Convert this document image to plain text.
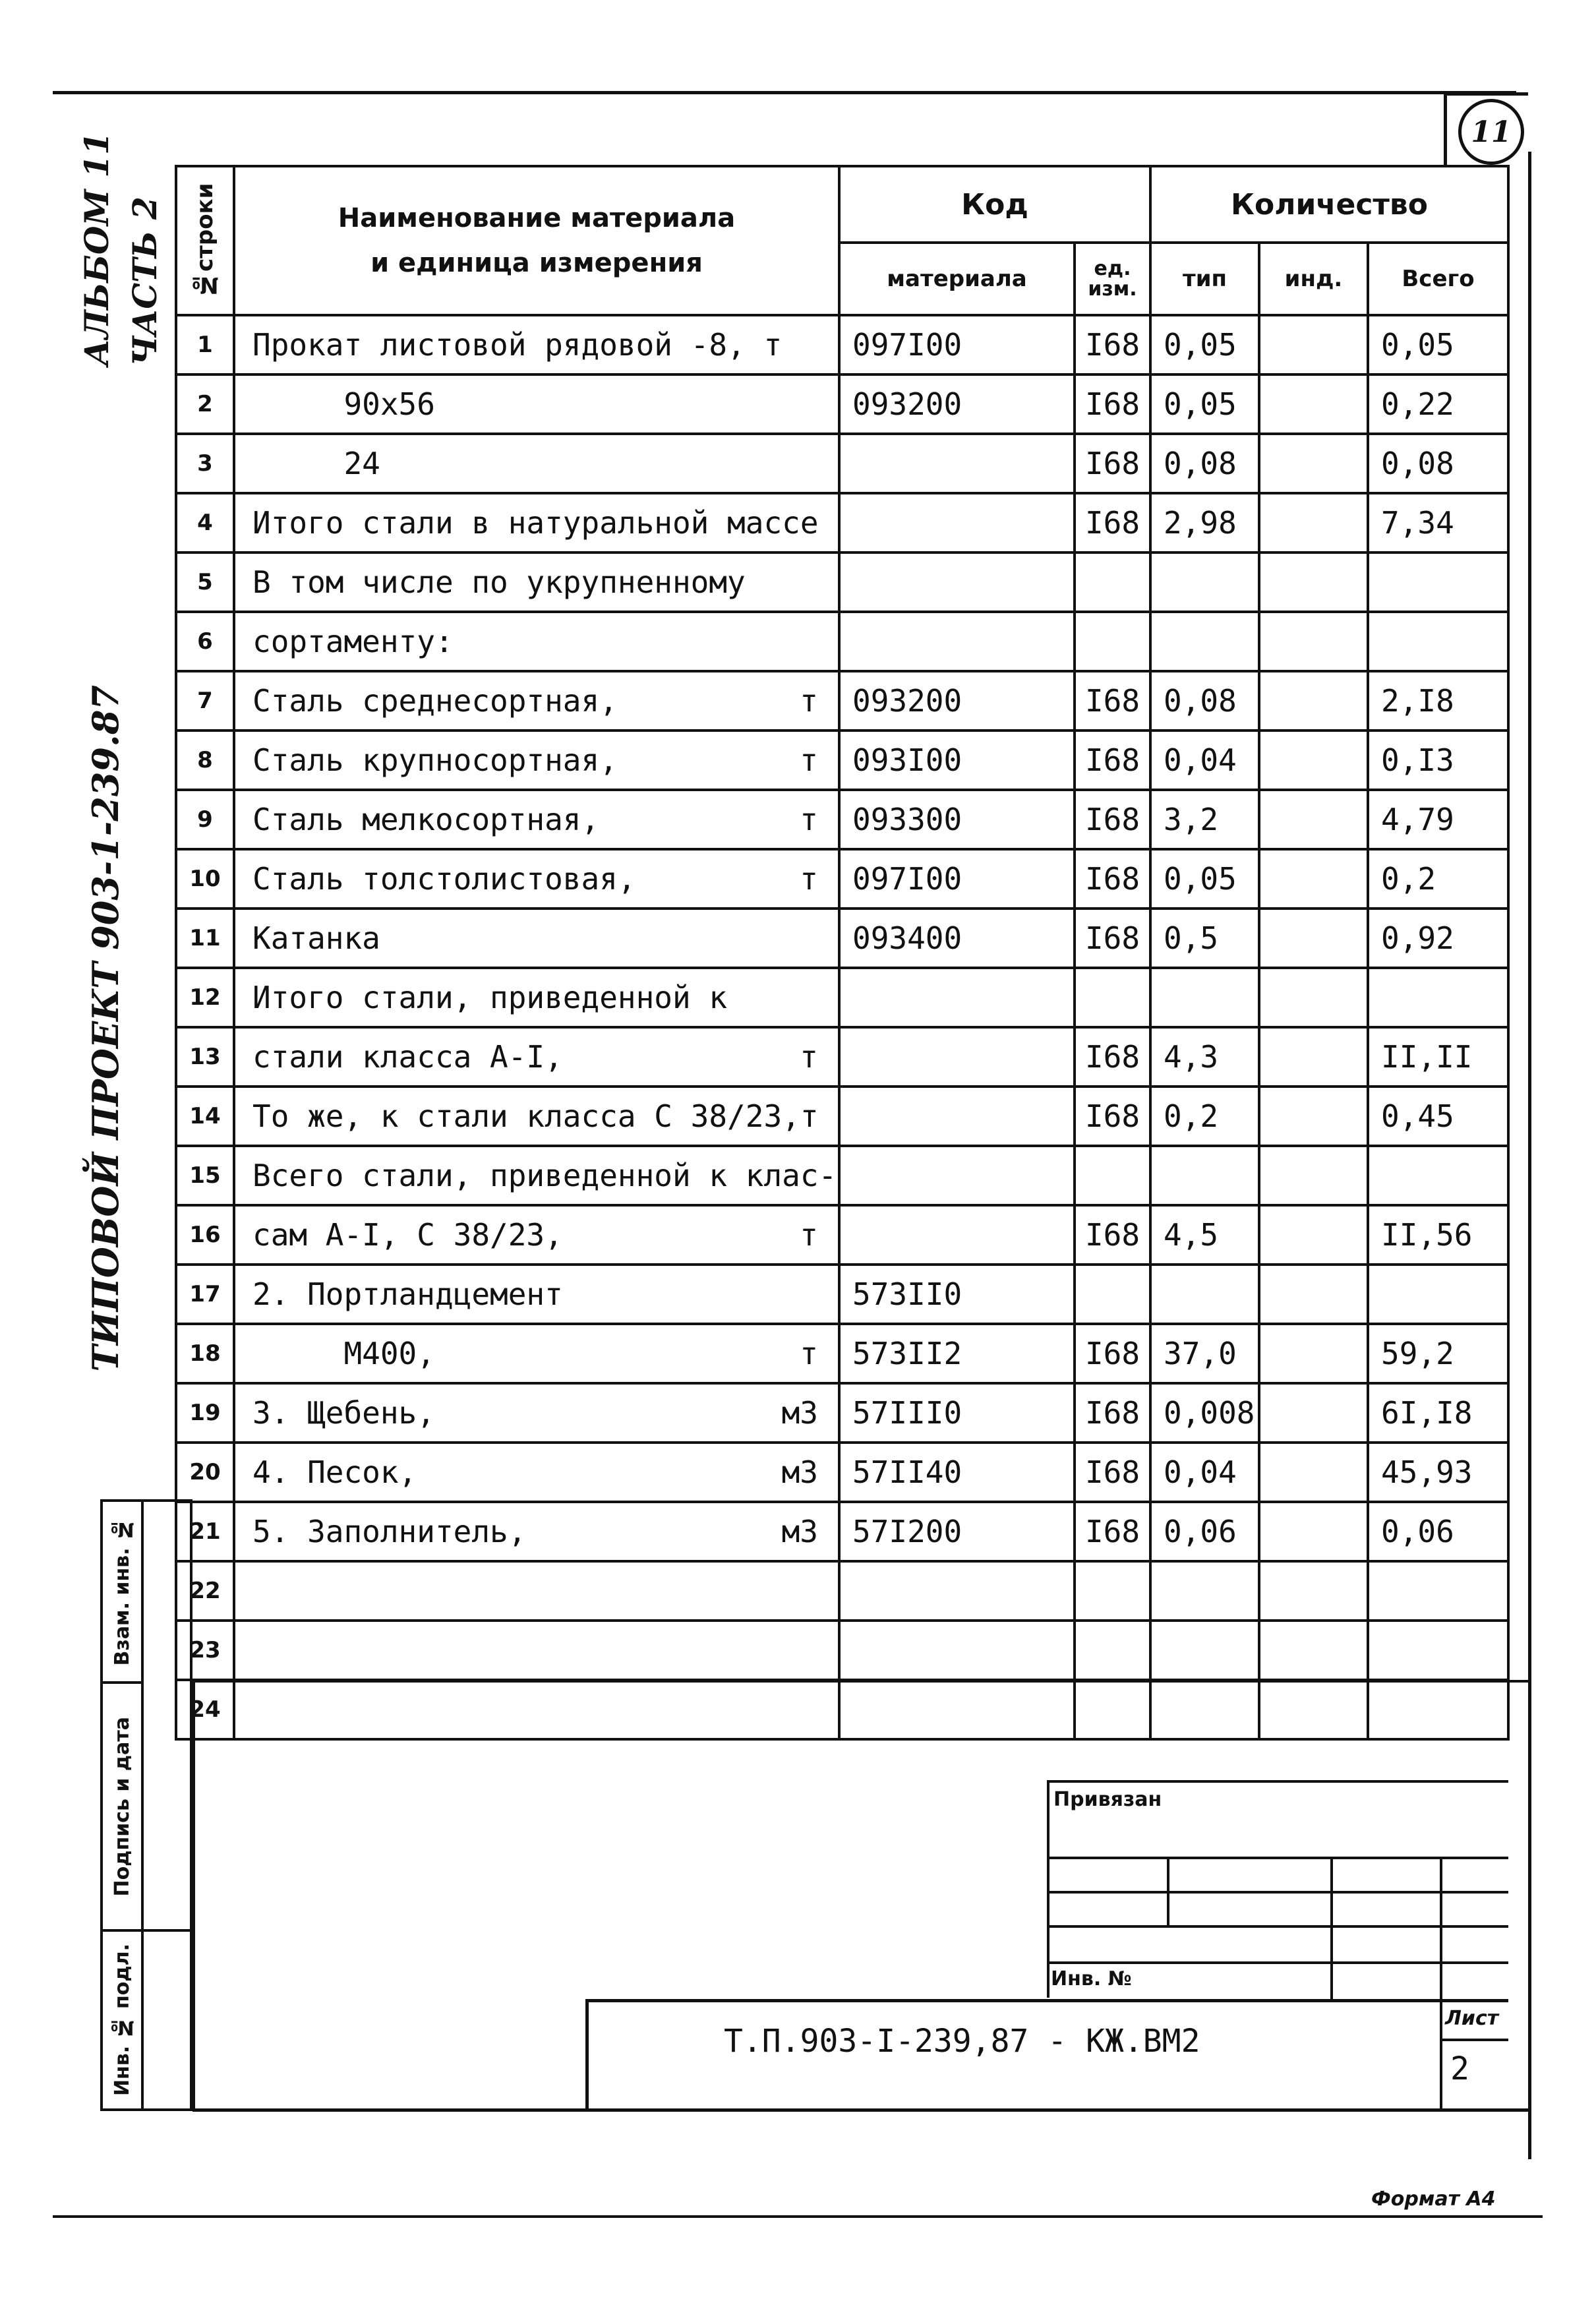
11
АЛЬБОМ 11 ЧАСТЬ 2
ТИПОВОЙ ПРОЕКТ 903-1-239.87
Взам. инв. №
Подпись и дата
Инв. № подл.
№строки	Наименование материала
и единица измерения	Код		Количество		
		материала	ед. изм.	тип	инд.	Всего
1	Прокат листовой рядовой -8, т	097I00	I68	0,05		0,05
2	90x56	093200	I68	0,05		0,22
3	24		I68	0,08		0,08
4	Итого стали в натуральной массе		I68	2,98		7,34
5	В том числе по укрупненному

6	сортаменту:

7	Сталь среднесортная, т	093200	I68	0,08		2,I8
8	Сталь крупносортная, т	093I00	I68	0,04		0,I3
9	Сталь мелкосортная, т	093300	I68	3,2		4,79
10	Сталь толстолистовая, т	097I00	I68	0,05		0,2
11	Катанка	093400	I68	0,5		0,92
12	Итого стали, приведенной к

13	стали класса А-I, т		I68	4,3		II,II
14	То же, к стали класса С 38/23,т		I68	0,2		0,45
15	Всего стали, приведенной к клас-

16	сам А-I, С 38/23, т		I68	4,5		II,56
17	2. Портландцемент	573II0				
18	М400, т	573II2	I68	37,0		59,2
19	3. Щебень, м3	57III0	I68	0,008		6I,I8
20	4. Песок, м3	57II40	I68	0,04		45,93
21	5. Заполнитель, м3	57I200	I68	0,06		0,06
22	

23	

24	

Привязан
Инв. №
Т.П.903-I-239,87 - КЖ.ВМ2
Лист
2
Формат А4
